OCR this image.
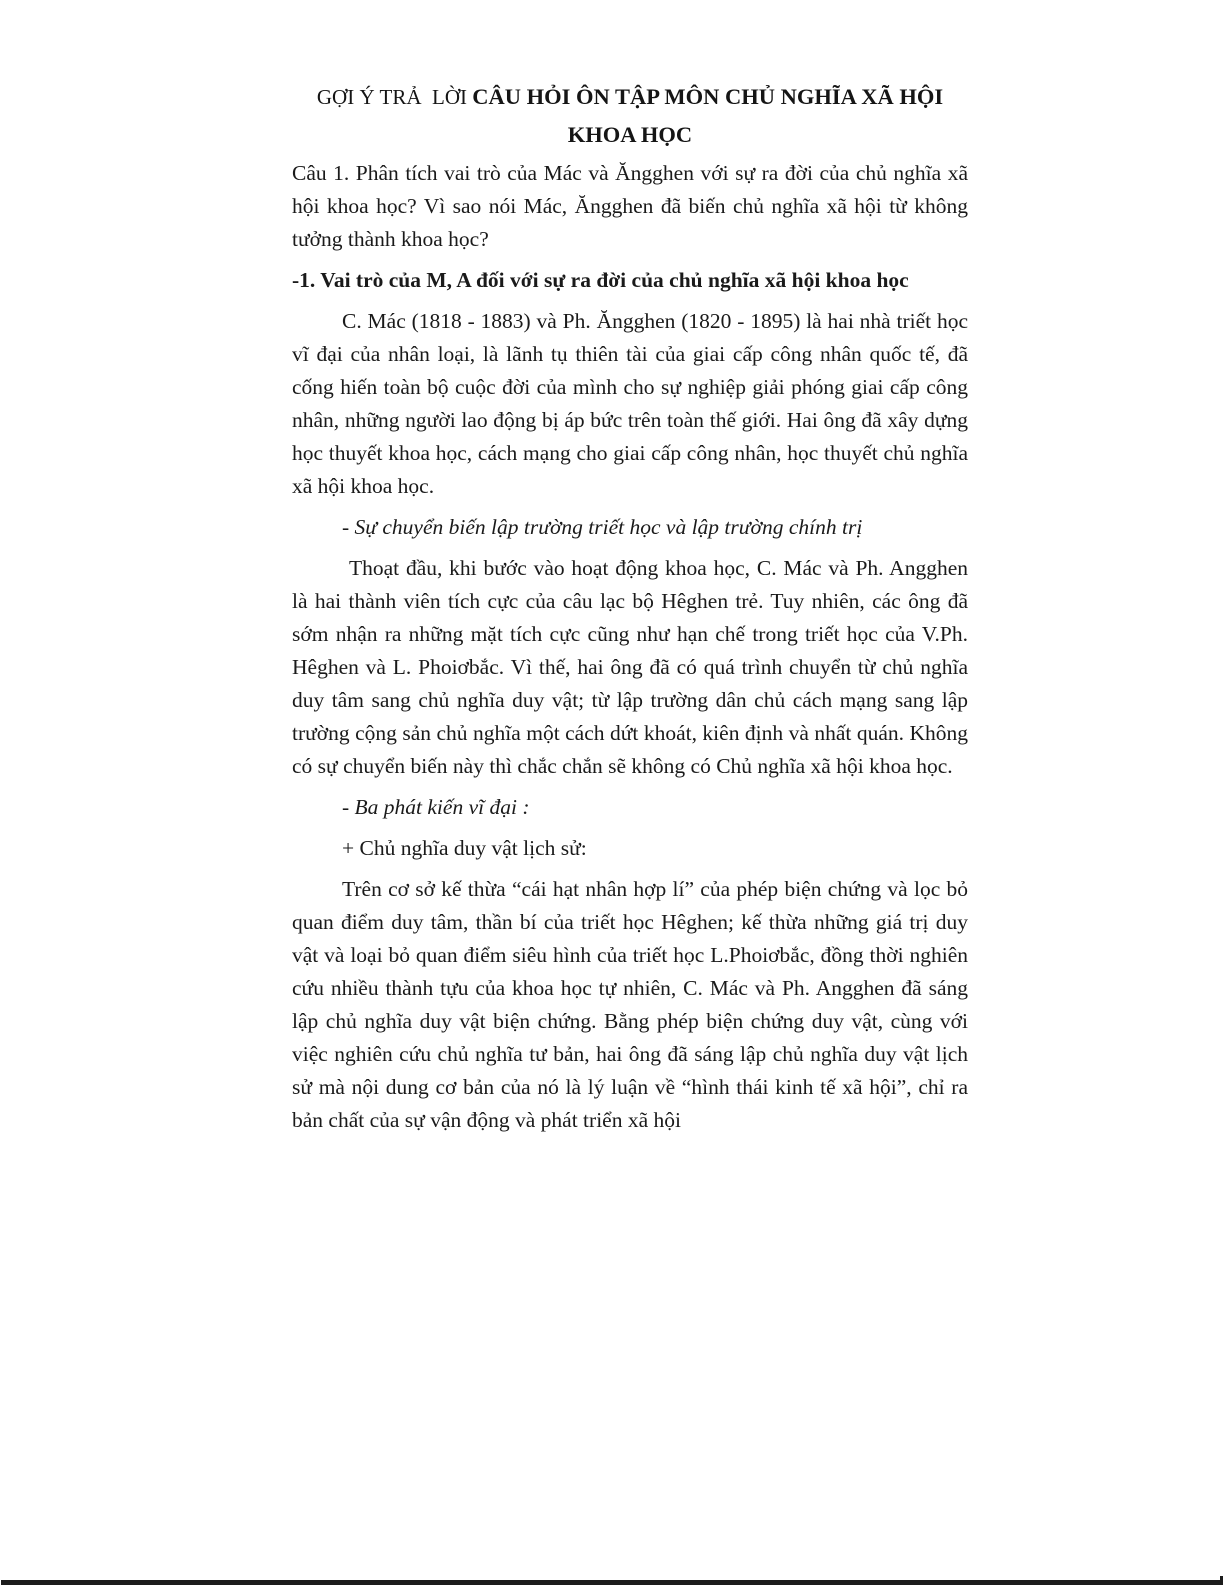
GỢI Ý TRẢ  LỜI CÂU HỎI ÔN TẬP MÔN CHỦ NGHĨA XÃ HỘI KHOA HỌC

Câu 1. Phân tích vai trò của Mác và Ăngghen với sự ra đời của chủ nghĩa xã hội khoa học? Vì sao nói Mác, Ăngghen đã biến chủ nghĩa xã hội từ không tưởng thành khoa học?

-1. Vai trò của M, A đối với sự ra đời của chủ nghĩa xã hội khoa học

C. Mác (1818 - 1883) và Ph. Ăngghen (1820 - 1895) là hai nhà triết học vĩ đại của nhân loại, là lãnh tụ thiên tài của giai cấp công nhân quốc tế, đã cống hiến toàn bộ cuộc đời của mình cho sự nghiệp giải phóng giai cấp công nhân, những người lao động bị áp bức trên toàn thế giới. Hai ông đã xây dựng học thuyết khoa học, cách mạng cho giai cấp công nhân, học thuyết chủ nghĩa xã hội khoa học.

- Sự chuyển biến lập trường triết học và lập trường chính trị

Thoạt đầu, khi bước vào hoạt động khoa học, C. Mác và Ph. Angghen là hai thành viên tích cực của câu lạc bộ Hêghen trẻ. Tuy nhiên, các ông đã sớm nhận ra những mặt tích cực cũng như hạn chế trong triết học của V.Ph. Hêghen và L. Phoiơbắc. Vì thế, hai ông đã có quá trình chuyển từ chủ nghĩa duy tâm sang chủ nghĩa duy vật; từ lập trường dân chủ cách mạng sang lập trường cộng sản chủ nghĩa một cách dứt khoát, kiên định và nhất quán. Không có sự chuyển biến này thì chắc chắn sẽ không có Chủ nghĩa xã hội khoa học.

- Ba phát kiến vĩ đại :

+ Chủ nghĩa duy vật lịch sử:

Trên cơ sở kế thừa “cái hạt nhân hợp lí” của phép biện chứng và lọc bỏ quan điểm duy tâm, thần bí của triết học Hêghen; kế thừa những giá trị duy vật và loại bỏ quan điểm siêu hình của triết học L.Phoiơbắc, đồng thời nghiên cứu nhiều thành tựu của khoa học tự nhiên, C. Mác và Ph. Angghen đã sáng lập chủ nghĩa duy vật biện chứng. Bằng phép biện chứng duy vật, cùng với việc nghiên cứu chủ nghĩa tư bản, hai ông đã sáng lập chủ nghĩa duy vật lịch sử mà nội dung cơ bản của nó là lý luận về “hình thái kinh tế xã hội”, chỉ ra bản chất của sự vận động và phát triển xã hội
